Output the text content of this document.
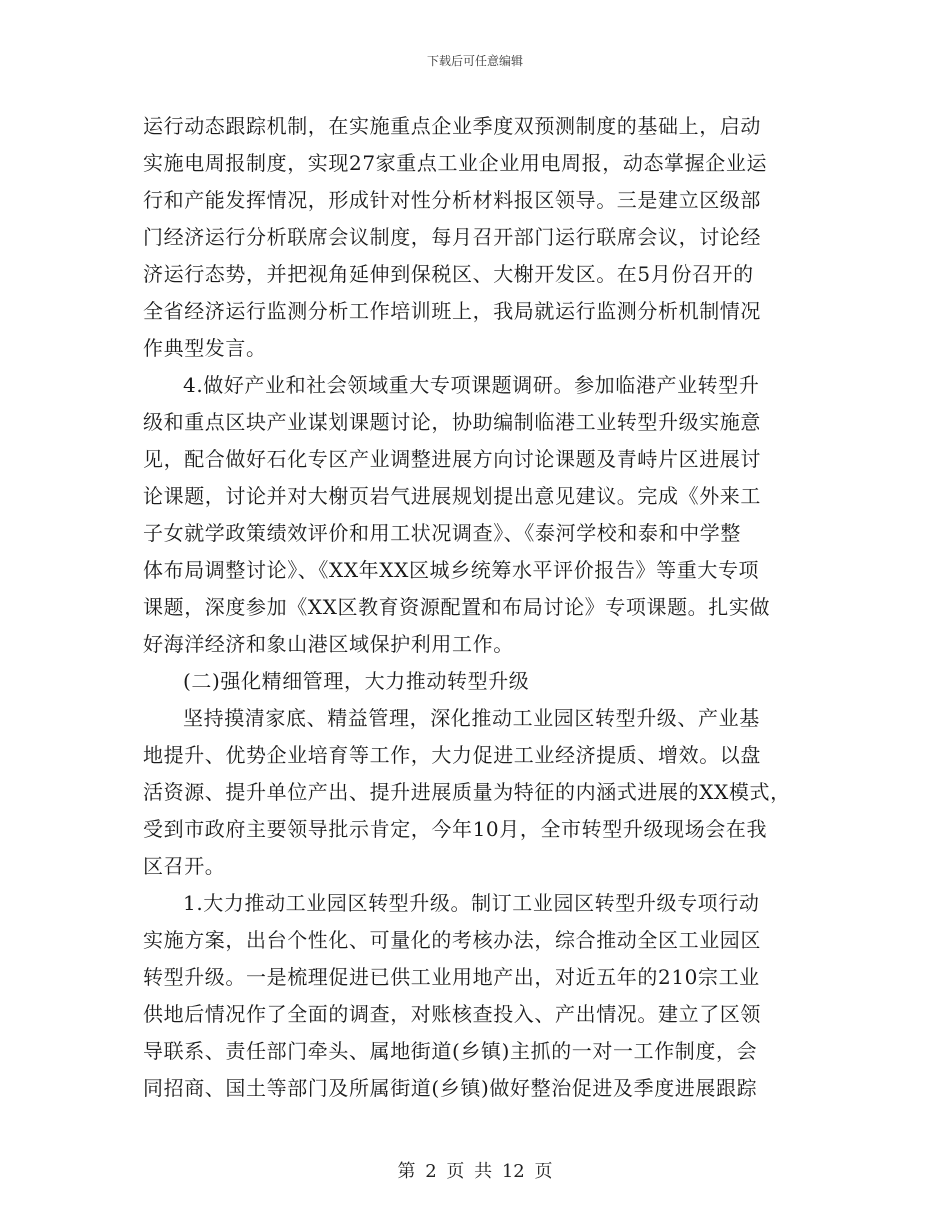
下载后可任意编辑
运行动态跟踪机制，在实施重点企业季度双预测制度的基础上，启动
实施电周报制度，实现27家重点工业企业用电周报，动态掌握企业运
行和产能发挥情况，形成针对性分析材料报区领导。三是建立区级部
门经济运行分析联席会议制度，每月召开部门运行联席会议，讨论经
济运行态势，并把视角延伸到保税区、大榭开发区。在5月份召开的
全省经济运行监测分析工作培训班上，我局就运行监测分析机制情况
作典型发言。
4.做好产业和社会领域重大专项课题调研。参加临港产业转型升
级和重点区块产业谋划课题讨论，协助编制临港工业转型升级实施意
见，配合做好石化专区产业调整进展方向讨论课题及青峙片区进展讨
论课题，讨论并对大榭页岩气进展规划提出意见建议。完成《外来工
子女就学政策绩效评价和用工状况调查》、《泰河学校和泰和中学整
体布局调整讨论》、《XX年XX区城乡统筹水平评价报告》等重大专项
课题，深度参加《XX区教育资源配置和布局讨论》专项课题。扎实做
好海洋经济和象山港区域保护利用工作。
(二)强化精细管理，大力推动转型升级
坚持摸清家底、精益管理，深化推动工业园区转型升级、产业基
地提升、优势企业培育等工作，大力促进工业经济提质、增效。以盘
活资源、提升单位产出、提升进展质量为特征的内涵式进展的XX模式，
受到市政府主要领导批示肯定，今年10月，全市转型升级现场会在我
区召开。
1.大力推动工业园区转型升级。制订工业园区转型升级专项行动
实施方案，出台个性化、可量化的考核办法，综合推动全区工业园区
转型升级。一是梳理促进已供工业用地产出，对近五年的210宗工业
供地后情况作了全面的调查，对账核查投入、产出情况。建立了区领
导联系、责任部门牵头、属地街道(乡镇)主抓的一对一工作制度，会
同招商、国土等部门及所属街道(乡镇)做好整治促进及季度进展跟踪
第 2 页 共 12 页
